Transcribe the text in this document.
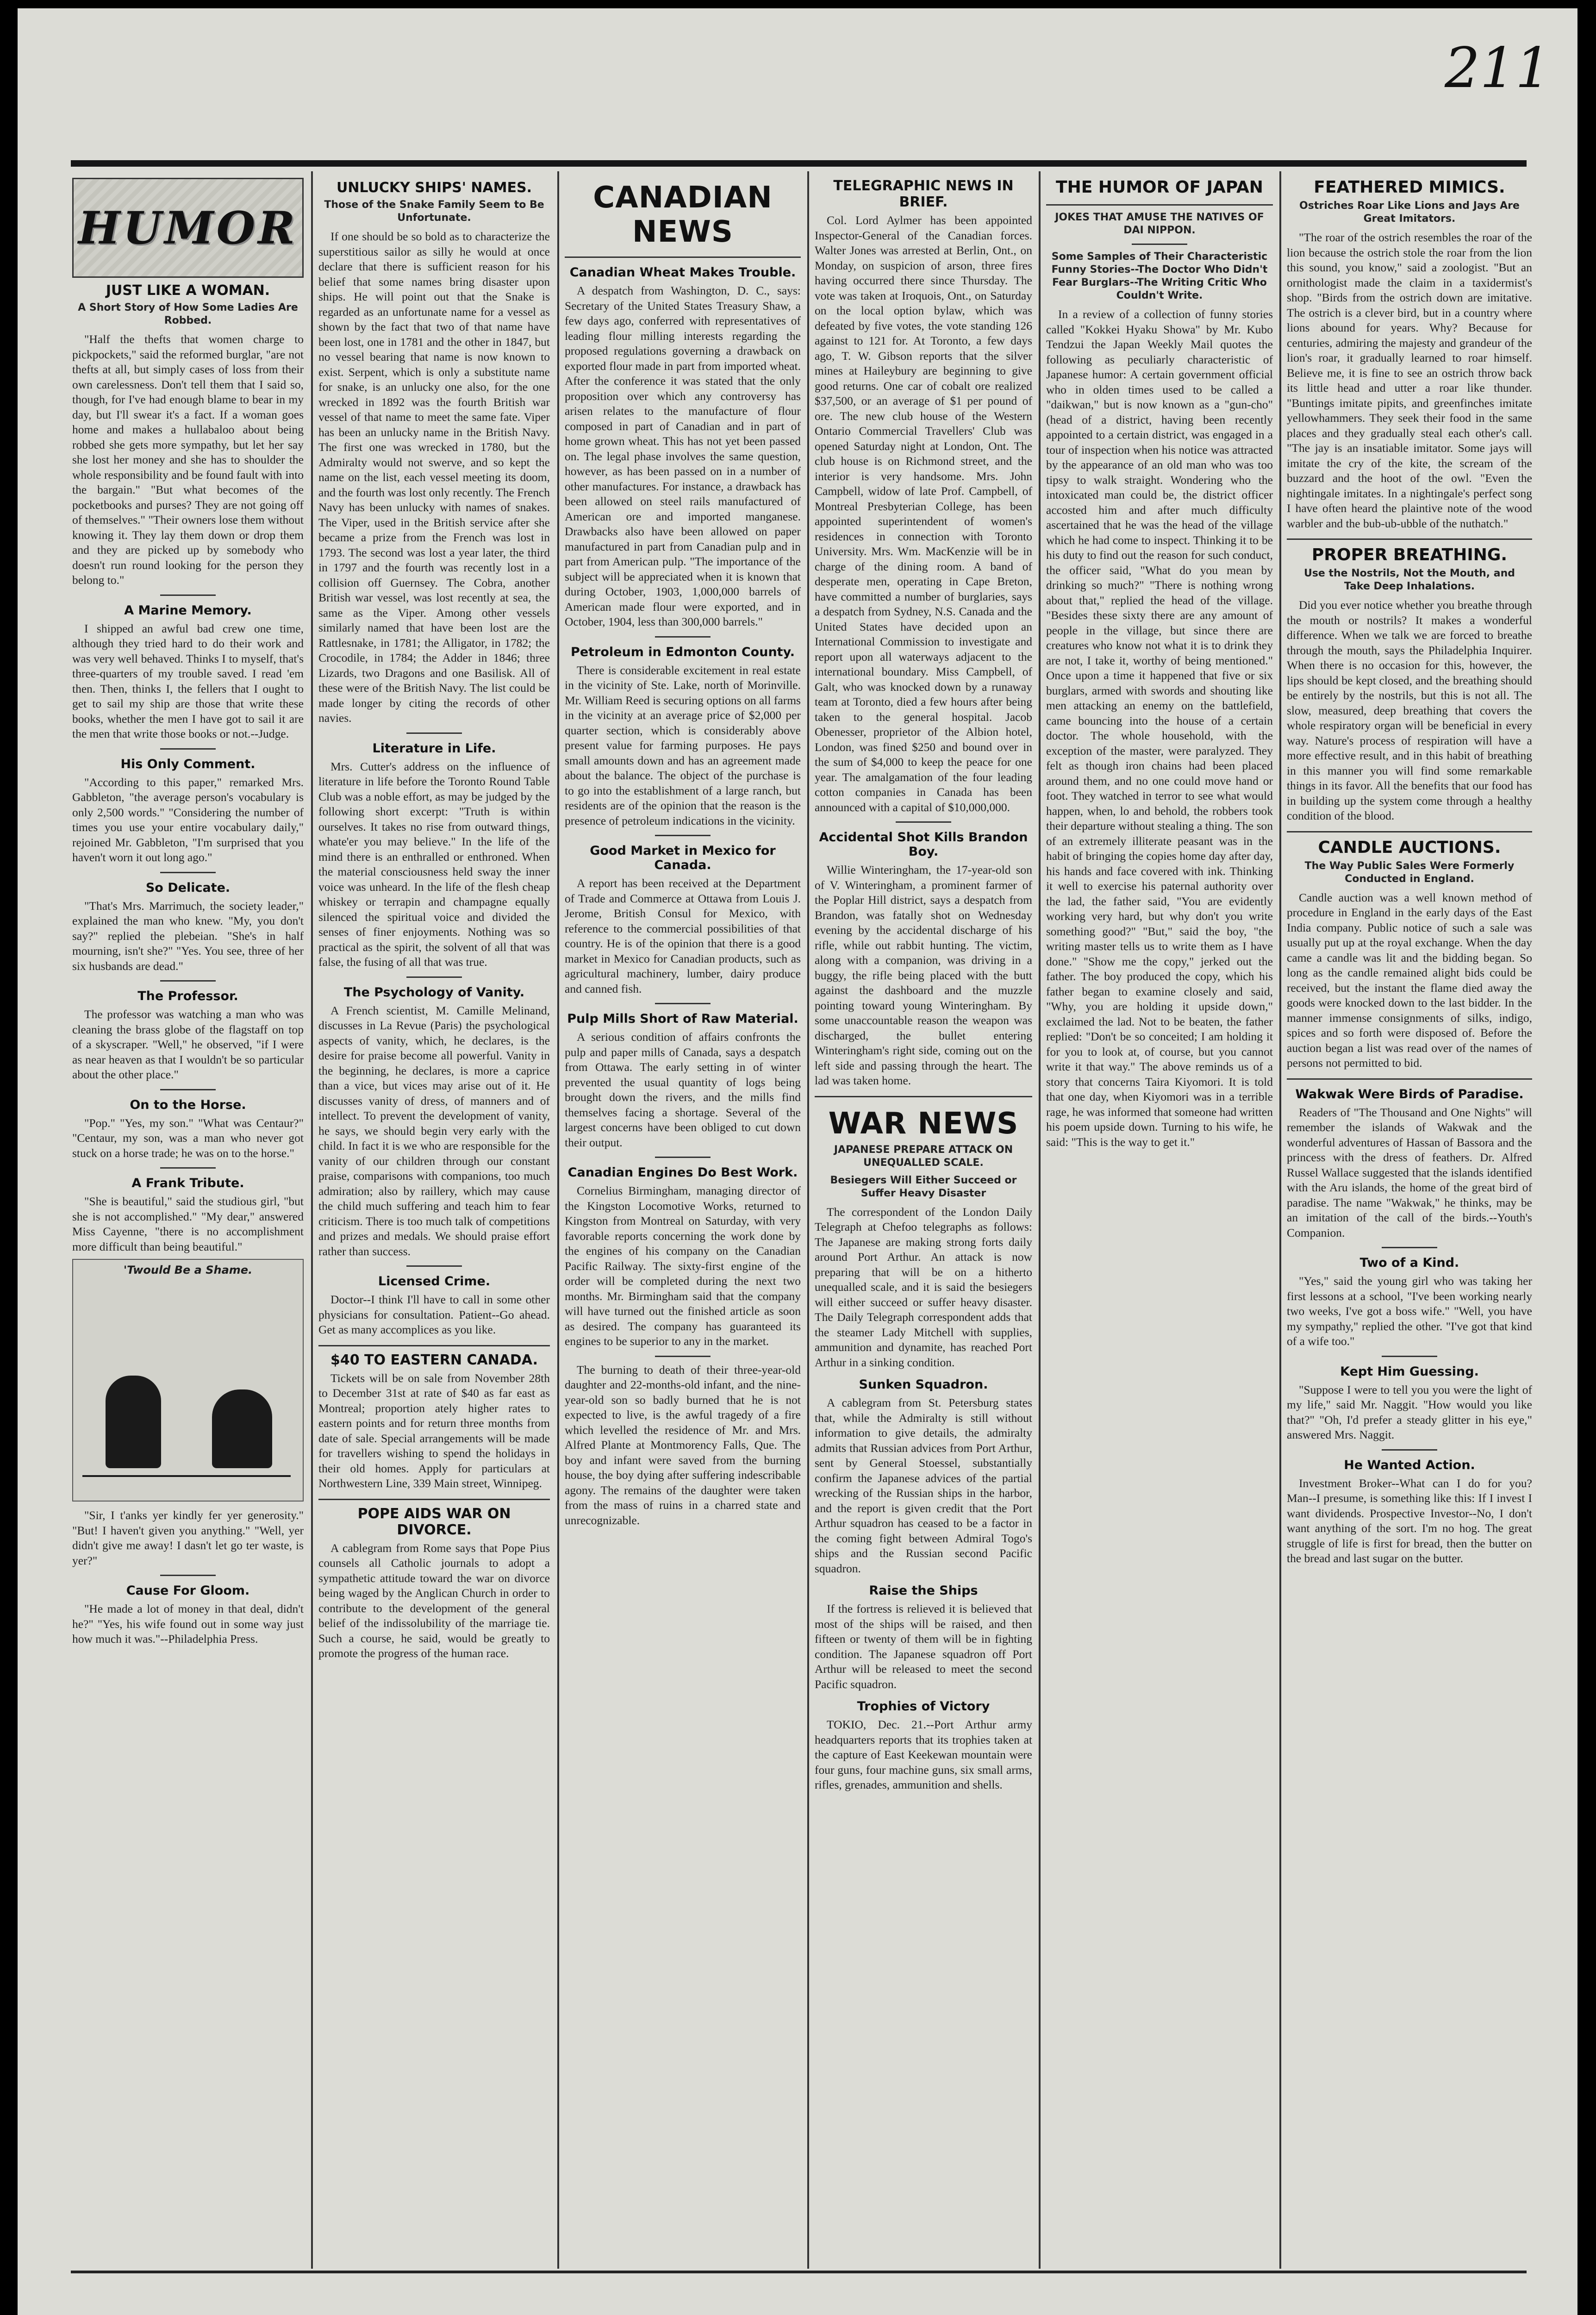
211
HUMOR
JUST LIKE A WOMAN.
A Short Story of How Some Ladies Are Robbed.

"Half the thefts that women charge to pickpockets," said the reformed burglar, "are not thefts at all, but simply cases of loss from their own carelessness. Don't tell them that I said so, though, for I've had enough blame to bear in my day, but I'll swear it's a fact. If a woman goes home and makes a hullabaloo about being robbed she gets more sympathy, but let her say she lost her money and she has to shoulder the whole responsibility and be found fault with into the bargain." "But what becomes of the pocketbooks and purses? They are not going off of themselves." "Their owners lose them without knowing it. They lay them down or drop them and they are picked up by somebody who doesn't run round looking for the person they belong to."

A Marine Memory.

I shipped an awful bad crew one time, although they tried hard to do their work and was very well behaved. Thinks I to myself, that's three-quarters of my trouble saved. I read 'em then. Then, thinks I, the fellers that I ought to get to sail my ship are those that write these books, whether the men I have got to sail it are the men that write those books or not.--Judge.

His Only Comment.

"According to this paper," remarked Mrs. Gabbleton, "the average person's vocabulary is only 2,500 words." "Considering the number of times you use your entire vocabulary daily," rejoined Mr. Gabbleton, "I'm surprised that you haven't worn it out long ago."

So Delicate.

"That's Mrs. Marrimuch, the society leader," explained the man who knew. "My, you don't say?" replied the plebeian. "She's in half mourning, isn't she?" "Yes. You see, three of her six husbands are dead."

The Professor.

The professor was watching a man who was cleaning the brass globe of the flagstaff on top of a skyscraper. "Well," he observed, "if I were as near heaven as that I wouldn't be so particular about the other place."

On to the Horse.

"Pop." "Yes, my son." "What was Centaur?" "Centaur, my son, was a man who never got stuck on a horse trade; he was on to the horse."

A Frank Tribute.

"She is beautiful," said the studious girl, "but she is not accomplished." "My dear," answered Miss Cayenne, "there is no accomplishment more difficult than being beautiful."

'Twould Be a Shame.

"Sir, I t'anks yer kindly fer yer generosity." "But! I haven't given you anything." "Well, yer didn't give me away! I dasn't let go ter waste, is yer?"

Cause For Gloom.

"He made a lot of money in that deal, didn't he?" "Yes, his wife found out in some way just how much it was."--Philadelphia Press.

UNLUCKY SHIPS' NAMES.
Those of the Snake Family Seem to Be Unfortunate.

If one should be so bold as to characterize the superstitious sailor as silly he would at once declare that there is sufficient reason for his belief that some names bring disaster upon ships. He will point out that the Snake is regarded as an unfortunate name for a vessel as shown by the fact that two of that name have been lost, one in 1781 and the other in 1847, but no vessel bearing that name is now known to exist. Serpent, which is only a substitute name for snake, is an unlucky one also, for the one wrecked in 1892 was the fourth British war vessel of that name to meet the same fate. Viper has been an unlucky name in the British Navy. The first one was wrecked in 1780, but the Admiralty would not swerve, and so kept the name on the list, each vessel meeting its doom, and the fourth was lost only recently. The French Navy has been unlucky with names of snakes. The Viper, used in the British service after she became a prize from the French was lost in 1793. The second was lost a year later, the third in 1797 and the fourth was recently lost in a collision off Guernsey. The Cobra, another British war vessel, was lost recently at sea, the same as the Viper. Among other vessels similarly named that have been lost are the Rattlesnake, in 1781; the Alligator, in 1782; the Crocodile, in 1784; the Adder in 1846; three Lizards, two Dragons and one Basilisk. All of these were of the British Navy. The list could be made longer by citing the records of other navies.

Literature in Life.

Mrs. Cutter's address on the influence of literature in life before the Toronto Round Table Club was a noble effort, as may be judged by the following short excerpt: "Truth is within ourselves. It takes no rise from outward things, whate'er you may believe." In the life of the mind there is an enthralled or enthroned. When the material consciousness held sway the inner voice was unheard. In the life of the flesh cheap whiskey or terrapin and champagne equally silenced the spiritual voice and divided the senses of finer enjoyments. Nothing was so practical as the spirit, the solvent of all that was false, the fusing of all that was true.

The Psychology of Vanity.

A French scientist, M. Camille Melinand, discusses in La Revue (Paris) the psychological aspects of vanity, which, he declares, is the desire for praise become all powerful. Vanity in the beginning, he declares, is more a caprice than a vice, but vices may arise out of it. He discusses vanity of dress, of manners and of intellect. To prevent the development of vanity, he says, we should begin very early with the child. In fact it is we who are responsible for the vanity of our children through our constant praise, comparisons with companions, too much admiration; also by raillery, which may cause the child much suffering and teach him to fear criticism. There is too much talk of competitions and prizes and medals. We should praise effort rather than success.

Licensed Crime.

Doctor--I think I'll have to call in some other physicians for consultation. Patient--Go ahead. Get as many accomplices as you like.

$40 TO EASTERN CANADA.

Tickets will be on sale from November 28th to December 31st at rate of $40 as far east as Montreal; proportion ately higher rates to eastern points and for return three months from date of sale. Special arrangements will be made for travellers wishing to spend the holidays in their old homes. Apply for particulars at Northwestern Line, 339 Main street, Winnipeg.

POPE AIDS WAR ON DIVORCE.

A cablegram from Rome says that Pope Pius counsels all Catholic journals to adopt a sympathetic attitude toward the war on divorce being waged by the Anglican Church in order to contribute to the development of the general belief of the indissolubility of the marriage tie. Such a course, he said, would be greatly to promote the progress of the human race.

CANADIAN NEWS
Canadian Wheat Makes Trouble.

A despatch from Washington, D. C., says: Secretary of the United States Treasury Shaw, a few days ago, conferred with representatives of leading flour milling interests regarding the proposed regulations governing a drawback on exported flour made in part from imported wheat. After the conference it was stated that the only proposition over which any controversy has arisen relates to the manufacture of flour composed in part of Canadian and in part of home grown wheat. This has not yet been passed on. The legal phase involves the same question, however, as has been passed on in a number of other manufactures. For instance, a drawback has been allowed on steel rails manufactured of American ore and imported manganese. Drawbacks also have been allowed on paper manufactured in part from Canadian pulp and in part from American pulp. "The importance of the subject will be appreciated when it is known that during October, 1903, 1,000,000 barrels of American made flour were exported, and in October, 1904, less than 300,000 barrels."

Petroleum in Edmonton County.

There is considerable excitement in real estate in the vicinity of Ste. Lake, north of Morinville. Mr. William Reed is securing options on all farms in the vicinity at an average price of $2,000 per quarter section, which is considerably above present value for farming purposes. He pays small amounts down and has an agreement made about the balance. The object of the purchase is to go into the establishment of a large ranch, but residents are of the opinion that the reason is the presence of petroleum indications in the vicinity.

Good Market in Mexico for Canada.

A report has been received at the Department of Trade and Commerce at Ottawa from Louis J. Jerome, British Consul for Mexico, with reference to the commercial possibilities of that country. He is of the opinion that there is a good market in Mexico for Canadian products, such as agricultural machinery, lumber, dairy produce and canned fish.

Pulp Mills Short of Raw Material.

A serious condition of affairs confronts the pulp and paper mills of Canada, says a despatch from Ottawa. The early setting in of winter prevented the usual quantity of logs being brought down the rivers, and the mills find themselves facing a shortage. Several of the largest concerns have been obliged to cut down their output.

Canadian Engines Do Best Work.

Cornelius Birmingham, managing director of the Kingston Locomotive Works, returned to Kingston from Montreal on Saturday, with very favorable reports concerning the work done by the engines of his company on the Canadian Pacific Railway. The sixty-first engine of the order will be completed during the next two months. Mr. Birmingham said that the company will have turned out the finished article as soon as desired. The company has guaranteed its engines to be superior to any in the market.

The burning to death of their three-year-old daughter and 22-months-old infant, and the nine-year-old son so badly burned that he is not expected to live, is the awful tragedy of a fire which levelled the residence of Mr. and Mrs. Alfred Plante at Montmorency Falls, Que. The boy and infant were saved from the burning house, the boy dying after suffering indescribable agony. The remains of the daughter were taken from the mass of ruins in a charred state and unrecognizable.

TELEGRAPHIC NEWS IN BRIEF.

Col. Lord Aylmer has been appointed Inspector-General of the Canadian forces. Walter Jones was arrested at Berlin, Ont., on Monday, on suspicion of arson, three fires having occurred there since Thursday. The vote was taken at Iroquois, Ont., on Saturday on the local option bylaw, which was defeated by five votes, the vote standing 126 against to 121 for. At Toronto, a few days ago, T. W. Gibson reports that the silver mines at Haileybury are beginning to give good returns. One car of cobalt ore realized $37,500, or an average of $1 per pound of ore. The new club house of the Western Ontario Commercial Travellers' Club was opened Saturday night at London, Ont. The club house is on Richmond street, and the interior is very handsome. Mrs. John Campbell, widow of late Prof. Campbell, of Montreal Presbyterian College, has been appointed superintendent of women's residences in connection with Toronto University. Mrs. Wm. MacKenzie will be in charge of the dining room. A band of desperate men, operating in Cape Breton, have committed a number of burglaries, says a despatch from Sydney, N.S. Canada and the United States have decided upon an International Commission to investigate and report upon all waterways adjacent to the international boundary. Miss Campbell, of Galt, who was knocked down by a runaway team at Toronto, died a few hours after being taken to the general hospital. Jacob Obenesser, proprietor of the Albion hotel, London, was fined $250 and bound over in the sum of $4,000 to keep the peace for one year. The amalgamation of the four leading cotton companies in Canada has been announced with a capital of $10,000,000.

Accidental Shot Kills Brandon Boy.

Willie Winteringham, the 17-year-old son of V. Winteringham, a prominent farmer of the Poplar Hill district, says a despatch from Brandon, was fatally shot on Wednesday evening by the accidental discharge of his rifle, while out rabbit hunting. The victim, along with a companion, was driving in a buggy, the rifle being placed with the butt against the dashboard and the muzzle pointing toward young Winteringham. By some unaccountable reason the weapon was discharged, the bullet entering Winteringham's right side, coming out on the left side and passing through the heart. The lad was taken home.

WAR NEWS
JAPANESE PREPARE ATTACK ON UNEQUALLED SCALE.
Besiegers Will Either Succeed or Suffer Heavy Disaster

The correspondent of the London Daily Telegraph at Chefoo telegraphs as follows: The Japanese are making strong forts daily around Port Arthur. An attack is now preparing that will be on a hitherto unequalled scale, and it is said the besiegers will either succeed or suffer heavy disaster. The Daily Telegraph correspondent adds that the steamer Lady Mitchell with supplies, ammunition and dynamite, has reached Port Arthur in a sinking condition.

Sunken Squadron.

A cablegram from St. Petersburg states that, while the Admiralty is still without information to give details, the admiralty admits that Russian advices from Port Arthur, sent by General Stoessel, substantially confirm the Japanese advices of the partial wrecking of the Russian ships in the harbor, and the report is given credit that the Port Arthur squadron has ceased to be a factor in the coming fight between Admiral Togo's ships and the Russian second Pacific squadron.

Raise the Ships

If the fortress is relieved it is believed that most of the ships will be raised, and then fifteen or twenty of them will be in fighting condition. The Japanese squadron off Port Arthur will be released to meet the second Pacific squadron.

Trophies of Victory

TOKIO, Dec. 21.--Port Arthur army headquarters reports that its trophies taken at the capture of East Keekewan mountain were four guns, four machine guns, six small arms, rifles, grenades, ammunition and shells.

THE HUMOR OF JAPAN
JOKES THAT AMUSE THE NATIVES OF DAI NIPPON.
Some Samples of Their Characteristic Funny Stories--The Doctor Who Didn't Fear Burglars--The Writing Critic Who Couldn't Write.

In a review of a collection of funny stories called "Kokkei Hyaku Showa" by Mr. Kubo Tendzui the Japan Weekly Mail quotes the following as peculiarly characteristic of Japanese humor: A certain government official who in olden times used to be called a "daikwan," but is now known as a "gun-cho" (head of a district, having been recently appointed to a certain district, was engaged in a tour of inspection when his notice was attracted by the appearance of an old man who was too tipsy to walk straight. Wondering who the intoxicated man could be, the district officer accosted him and after much difficulty ascertained that he was the head of the village which he had come to inspect. Thinking it to be his duty to find out the reason for such conduct, the officer said, "What do you mean by drinking so much?" "There is nothing wrong about that," replied the head of the village. "Besides these sixty there are any amount of people in the village, but since there are creatures who know not what it is to drink they are not, I take it, worthy of being mentioned." Once upon a time it happened that five or six burglars, armed with swords and shouting like men attacking an enemy on the battlefield, came bouncing into the house of a certain doctor. The whole household, with the exception of the master, were paralyzed. They felt as though iron chains had been placed around them, and no one could move hand or foot. They watched in terror to see what would happen, when, lo and behold, the robbers took their departure without stealing a thing. The son of an extremely illiterate peasant was in the habit of bringing the copies home day after day, his hands and face covered with ink. Thinking it well to exercise his paternal authority over the lad, the father said, "You are evidently working very hard, but why don't you write something good?" "But," said the boy, "the writing master tells us to write them as I have done." "Show me the copy," jerked out the father. The boy produced the copy, which his father began to examine closely and said, "Why, you are holding it upside down," exclaimed the lad. Not to be beaten, the father replied: "Don't be so conceited; I am holding it for you to look at, of course, but you cannot write it that way." The above reminds us of a story that concerns Taira Kiyomori. It is told that one day, when Kiyomori was in a terrible rage, he was informed that someone had written his poem upside down. Turning to his wife, he said: "This is the way to get it."

FEATHERED MIMICS.
Ostriches Roar Like Lions and Jays Are Great Imitators.

"The roar of the ostrich resembles the roar of the lion because the ostrich stole the roar from the lion this sound, you know," said a zoologist. "But an ornithologist made the claim in a taxidermist's shop. "Birds from the ostrich down are imitative. The ostrich is a clever bird, but in a country where lions abound for years. Why? Because for centuries, admiring the majesty and grandeur of the lion's roar, it gradually learned to roar himself. Believe me, it is fine to see an ostrich throw back its little head and utter a roar like thunder. "Buntings imitate pipits, and greenfinches imitate yellowhammers. They seek their food in the same places and they gradually steal each other's call. "The jay is an insatiable imitator. Some jays will imitate the cry of the kite, the scream of the buzzard and the hoot of the owl. "Even the nightingale imitates. In a nightingale's perfect song I have often heard the plaintive note of the wood warbler and the bub-ub-ubble of the nuthatch."

PROPER BREATHING.
Use the Nostrils, Not the Mouth, and Take Deep Inhalations.

Did you ever notice whether you breathe through the mouth or nostrils? It makes a wonderful difference. When we talk we are forced to breathe through the mouth, says the Philadelphia Inquirer. When there is no occasion for this, however, the lips should be kept closed, and the breathing should be entirely by the nostrils, but this is not all. The slow, measured, deep breathing that covers the whole respiratory organ will be beneficial in every way. Nature's process of respiration will have a more effective result, and in this habit of breathing in this manner you will find some remarkable things in its favor. All the benefits that our food has in building up the system come through a healthy condition of the blood.

CANDLE AUCTIONS.
The Way Public Sales Were Formerly Conducted in England.

Candle auction was a well known method of procedure in England in the early days of the East India company. Public notice of such a sale was usually put up at the royal exchange. When the day came a candle was lit and the bidding began. So long as the candle remained alight bids could be received, but the instant the flame died away the goods were knocked down to the last bidder. In the manner immense consignments of silks, indigo, spices and so forth were disposed of. Before the auction began a list was read over of the names of persons not permitted to bid.

Wakwak Were Birds of Paradise.

Readers of "The Thousand and One Nights" will remember the islands of Wakwak and the wonderful adventures of Hassan of Bassora and the princess with the dress of feathers. Dr. Alfred Russel Wallace suggested that the islands identified with the Aru islands, the home of the great bird of paradise. The name "Wakwak," he thinks, may be an imitation of the call of the birds.--Youth's Companion.

Two of a Kind.

"Yes," said the young girl who was taking her first lessons at a school, "I've been working nearly two weeks, I've got a boss wife." "Well, you have my sympathy," replied the other. "I've got that kind of a wife too."

Kept Him Guessing.

"Suppose I were to tell you you were the light of my life," said Mr. Naggit. "How would you like that?" "Oh, I'd prefer a steady glitter in his eye," answered Mrs. Naggit.

He Wanted Action.

Investment Broker--What can I do for you? Man--I presume, is something like this: If I invest I want dividends. Prospective Investor--No, I don't want anything of the sort. I'm no hog. The great struggle of life is first for bread, then the butter on the bread and last sugar on the butter.
